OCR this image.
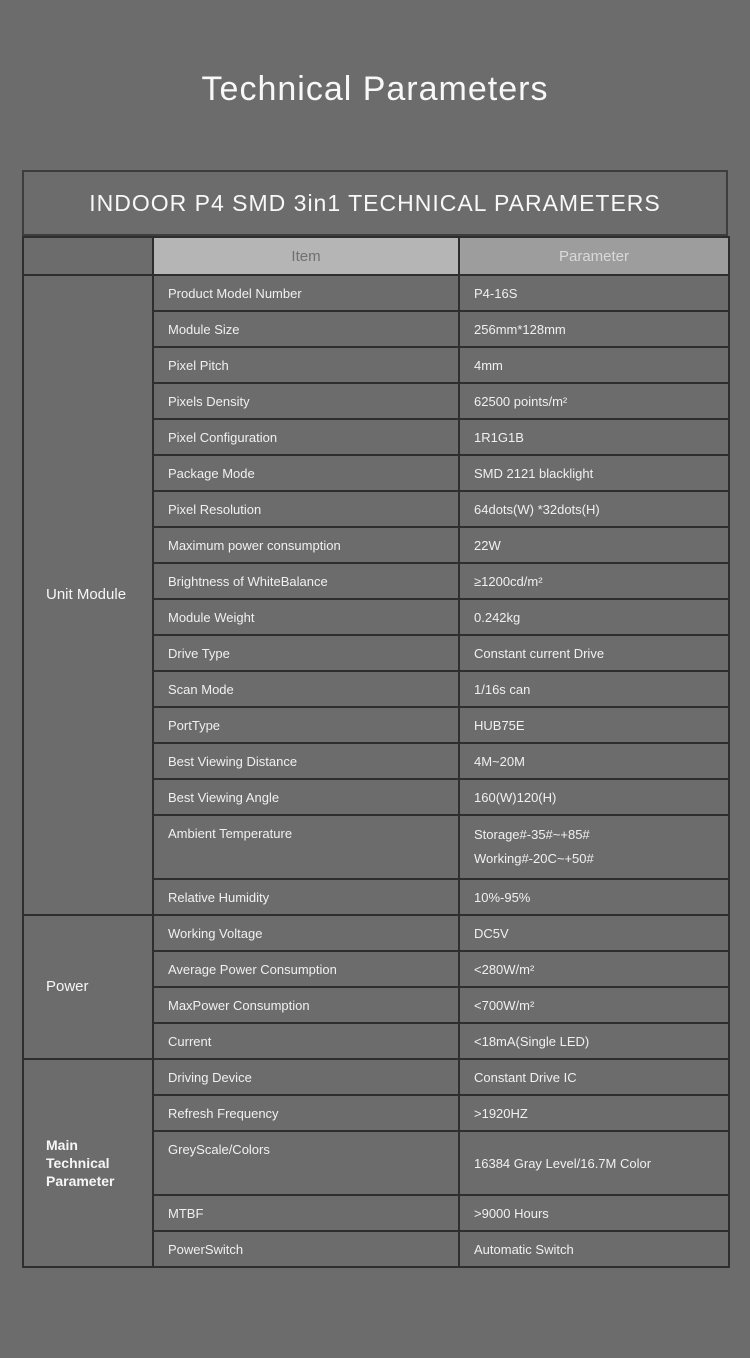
Technical Parameters
INDOOR P4 SMD 3in1 TECHNICAL PARAMETERS
	Item	Parameter
Unit Module	Product Model Number	P4-16S
	Module Size	256mm*128mm
	Pixel Pitch	4mm
	Pixels Density	62500 points/m²
	Pixel Configuration	1R1G1B
	Package Mode	SMD 2121 blacklight
	Pixel Resolution	64dots(W) *32dots(H)
	Maximum power consumption	22W
	Brightness of WhiteBalance	≥1200cd/m²
	Module Weight	0.242kg
	Drive Type	Constant current Drive
	Scan Mode	1/16s can
	PortType	HUB75E
	Best Viewing Distance	4M~20M
	Best Viewing Angle	160(W)120(H)
	Ambient Temperature	Storage#-35#~+85#
Working#-20C~+50#

	Relative Humidity	10%-95%
Power	Working Voltage	DC5V
	Average Power Consumption	<280W/m²
	MaxPower Consumption	<700W/m²
	Current	<18mA(Single LED)
Main Technical Parameter	Driving Device	Constant Drive IC
	Refresh Frequency	>1920HZ
	GreyScale/Colors	16384 Gray Level/16.7M Color
	MTBF	>9000 Hours
	PowerSwitch	Automatic Switch
